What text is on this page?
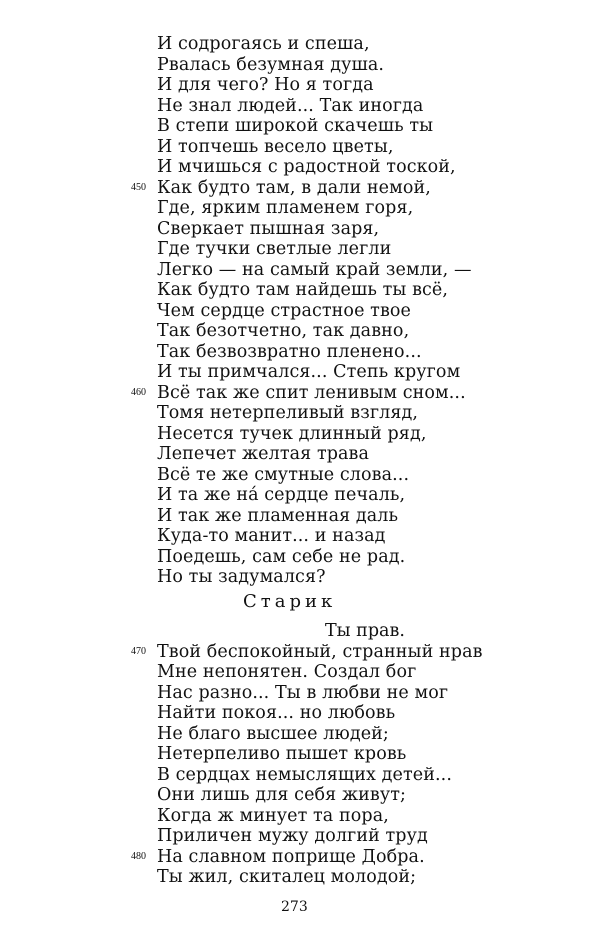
И содрогаясь и спеша,
Рвалась безумная душа.
И для чего? Но я тогда
Не знал людей... Так иногда
В степи широкой скачешь ты
И топчешь весело цветы,
И мчишься с радостной тоской,
450 Как будто там, в дали немой,
Где, ярким пламенем горя,
Сверкает пышная заря,
Где тучки светлые легли
Легко — на самый край земли, —
Как будто там найдешь ты всё,
Чем сердце страстное твое
Так безотчетно, так давно,
Так безвозвратно пленено...
И ты примчался... Степь кругом
460 Всё так же спит ленивым сном...
Томя нетерпеливый взгляд,
Несется тучек длинный ряд,
Лепечет желтая трава
Всё те же смутные слова...
И та же на́ сердце печаль,
И так же пламенная даль
Куда-то манит... и назад
Поедешь, сам себе не рад.
Но ты задумался?
Старик
Ты прав.
470 Твой беспокойный, странный нрав
Мне непонятен. Создал бог
Нас разно... Ты в любви не мог
Найти покоя... но любовь
Не благо высшее людей;
Нетерпеливо пышет кровь
В сердцах немыслящих детей...
Они лишь для себя живут;
Когда ж минует та пора,
Приличен мужу долгий труд
480 На славном поприще Добра.
Ты жил, скиталец молодой;
273
